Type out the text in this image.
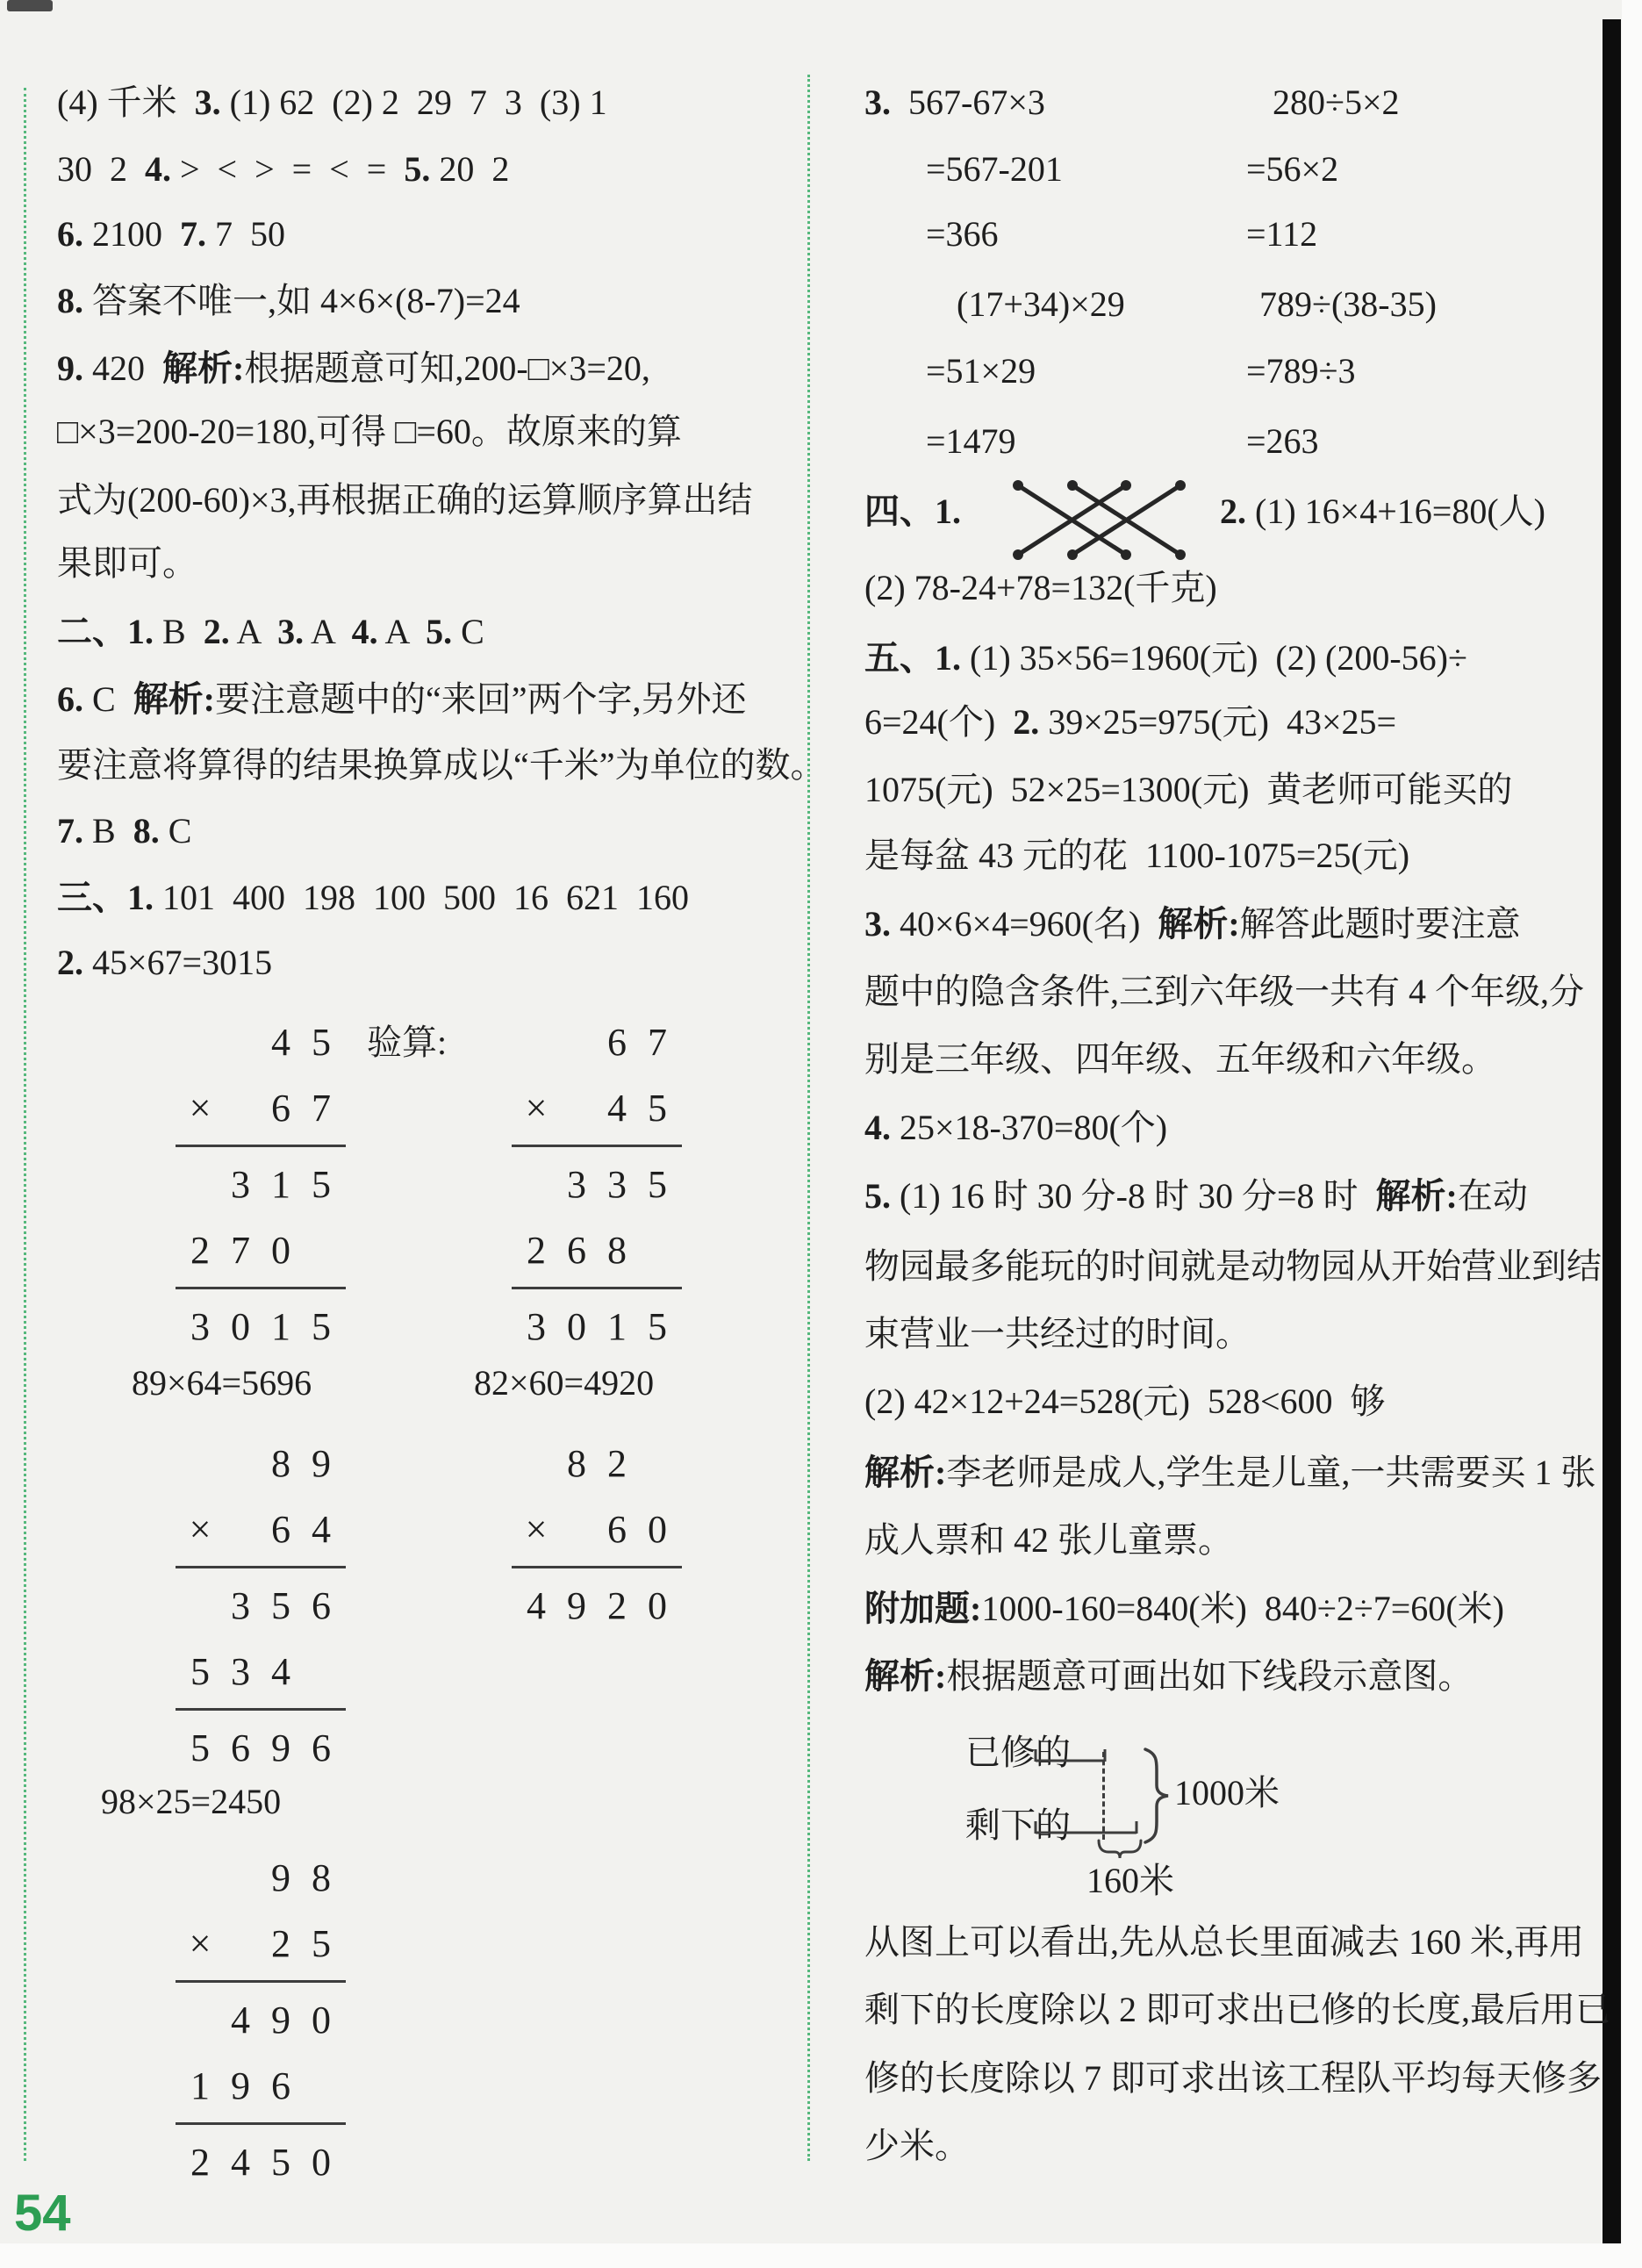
(4) 千米  3. (1) 62  (2) 2  29  7  3  (3) 1
30  2  4. >  <  >  =  <  =  5. 20  2
6. 2100  7. 7  50
8. 答案不唯一,如 4×6×(8-7)=24
9. 420  解析:根据题意可知,200-□×3=20,
□×3=200-20=180,可得 □=60。故原来的算
式为(200-60)×3,再根据正确的运算顺序算出结
果即可。
二、1. B  2. A  3. A  4. A  5. C
6. C  解析:要注意题中的“来回”两个字,另外还
要注意将算得的结果换算成以“千米”为单位的数。
7. B  8. C
三、1. 101  400  198  100  500  16  621  160
2. 45×67=3015
89×64=5696	82×60=4920
98×25=2450
3.  567-67×3	280÷5×2
=567-201	=56×2
=366	=112
(17+34)×29	789÷(38-35)
=51×29	=789÷3
=1479	=263
四、1.	2. (1) 16×4+16=80(人)
(2) 78-24+78=132(千克)
五、1. (1) 35×56=1960(元)  (2) (200-56)÷
6=24(个)  2. 39×25=975(元)  43×25=
1075(元)  52×25=1300(元)  黄老师可能买的
是每盆 43 元的花  1100-1075=25(元)
3. 40×6×4=960(名)  解析:解答此题时要注意
题中的隐含条件,三到六年级一共有 4 个年级,分
别是三年级、四年级、五年级和六年级。
4. 25×18-370=80(个)
5. (1) 16 时 30 分-8 时 30 分=8 时  解析:在动
物园最多能玩的时间就是动物园从开始营业到结
束营业一共经过的时间。
(2) 42×12+24=528(元)  528<600  够
解析:李老师是成人,学生是儿童,一共需要买 1 张
成人票和 42 张儿童票。
附加题:1000-160=840(米)  840÷2÷7=60(米)
解析:根据题意可画出如下线段示意图。
从图上可以看出,先从总长里面减去 160 米,再用
剩下的长度除以 2 即可求出已修的长度,最后用已
修的长度除以 7 即可求出该工程队平均每天修多
少米。
4 5
× 6 7
3 1 5
2 7 0
3 0 1 5
6 7
× 4 5
3 3 5
2 6 8
3 0 1 5
8 9
× 6 4
3 5 6
5 3 4
5 6 9 6
8 2
× 6 0
4 9 2 0
9 8
× 2 5
4 9 0
1 9 6
2 4 5 0
验算:
已修的
剩下的
1000米
160米
54
